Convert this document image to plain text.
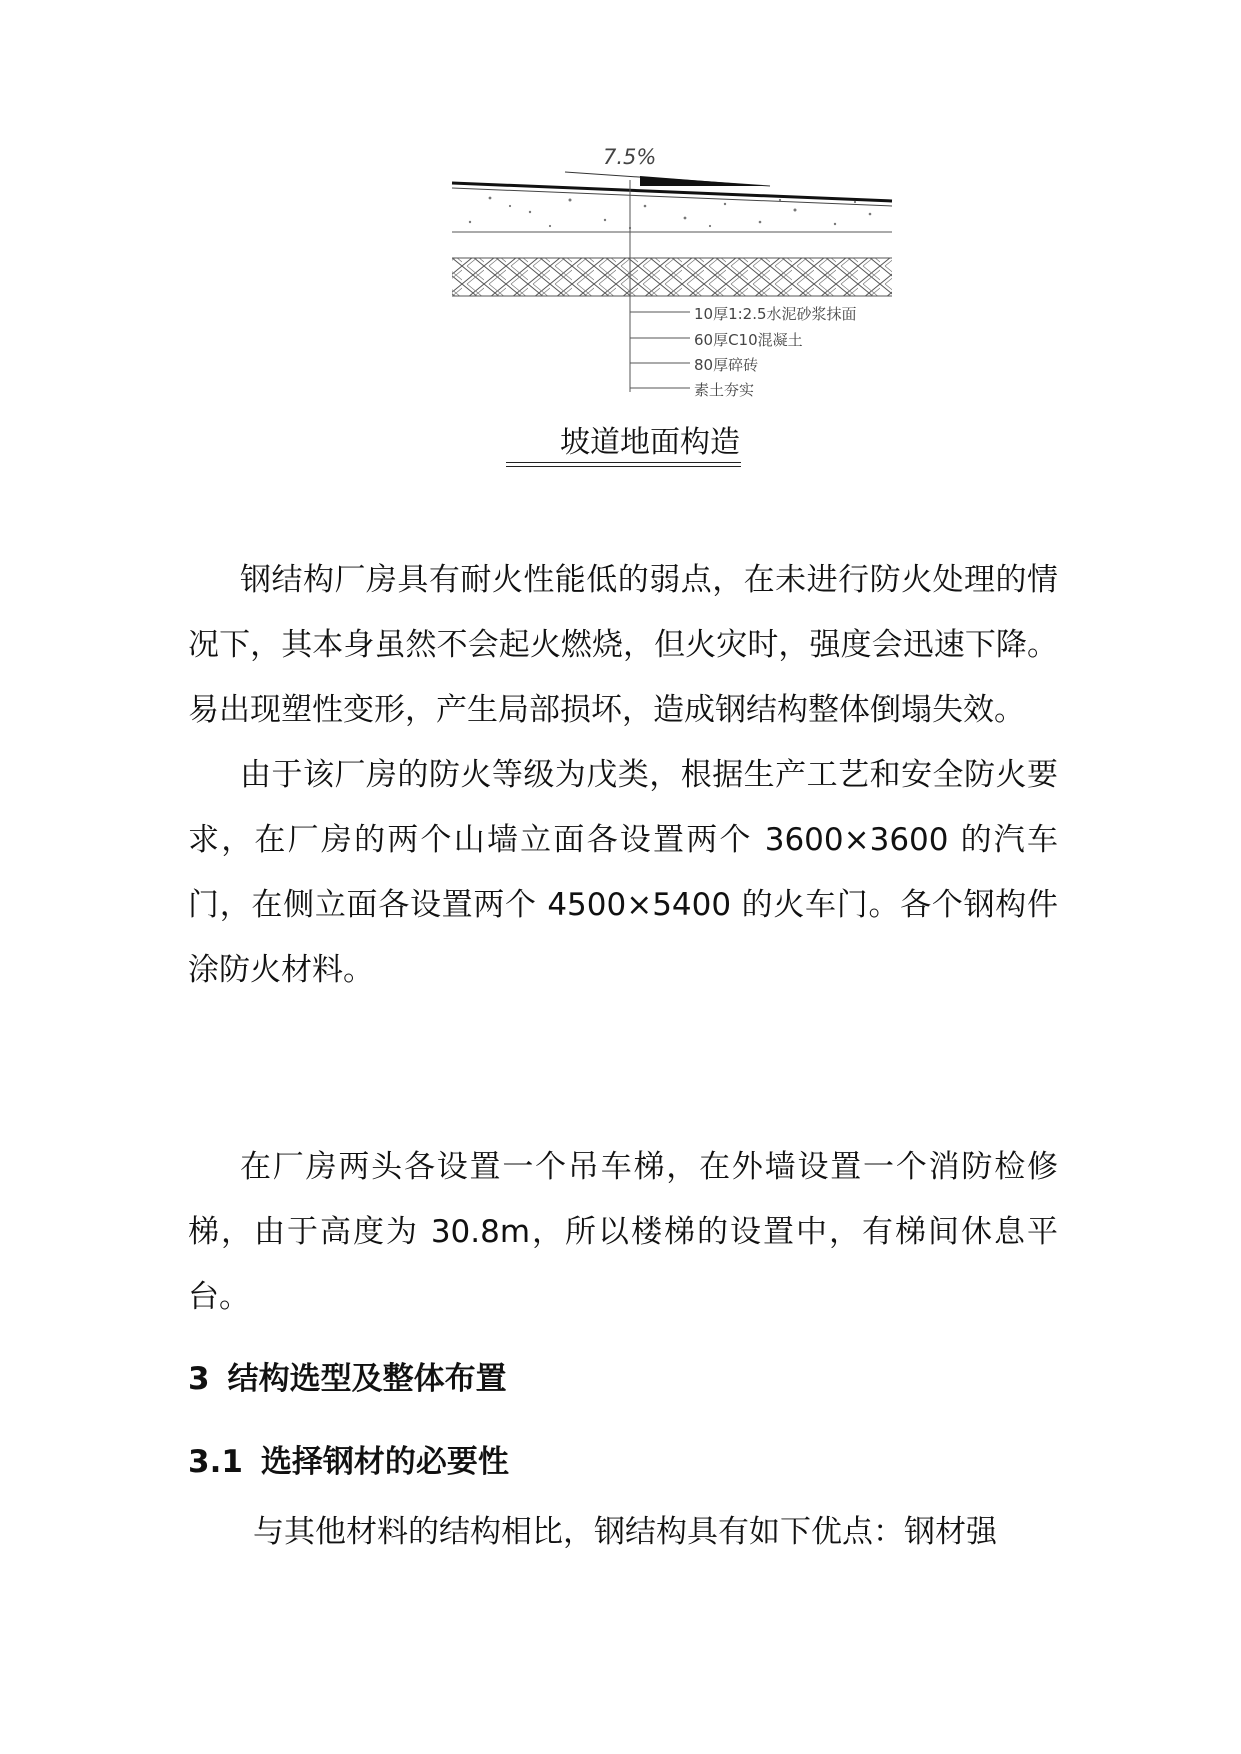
7.5%
10厚1:2.5水泥砂浆抹面
60厚C10混凝土
80厚碎砖
素土夯实
坡道地面构造

钢结构厂房具有耐火性能低的弱点，在未进行防火处理的情况下，其本身虽然不会起火燃烧，但火灾时，强度会迅速下降。易出现塑性变形，产生局部损坏，造成钢结构整体倒塌失效。

由于该厂房的防火等级为戊类，根据生产工艺和安全防火要求，在厂房的两个山墙立面各设置两个 3600×3600 的汽车门，在侧立面各设置两个 4500×5400 的火车门。各个钢构件涂防火材料。

在厂房两头各设置一个吊车梯，在外墙设置一个消防检修梯，由于高度为 30.8m，所以楼梯的设置中，有梯间休息平台。

3 结构选型及整体布置
3.1 选择钢材的必要性

与其他材料的结构相比，钢结构具有如下优点：钢材强
